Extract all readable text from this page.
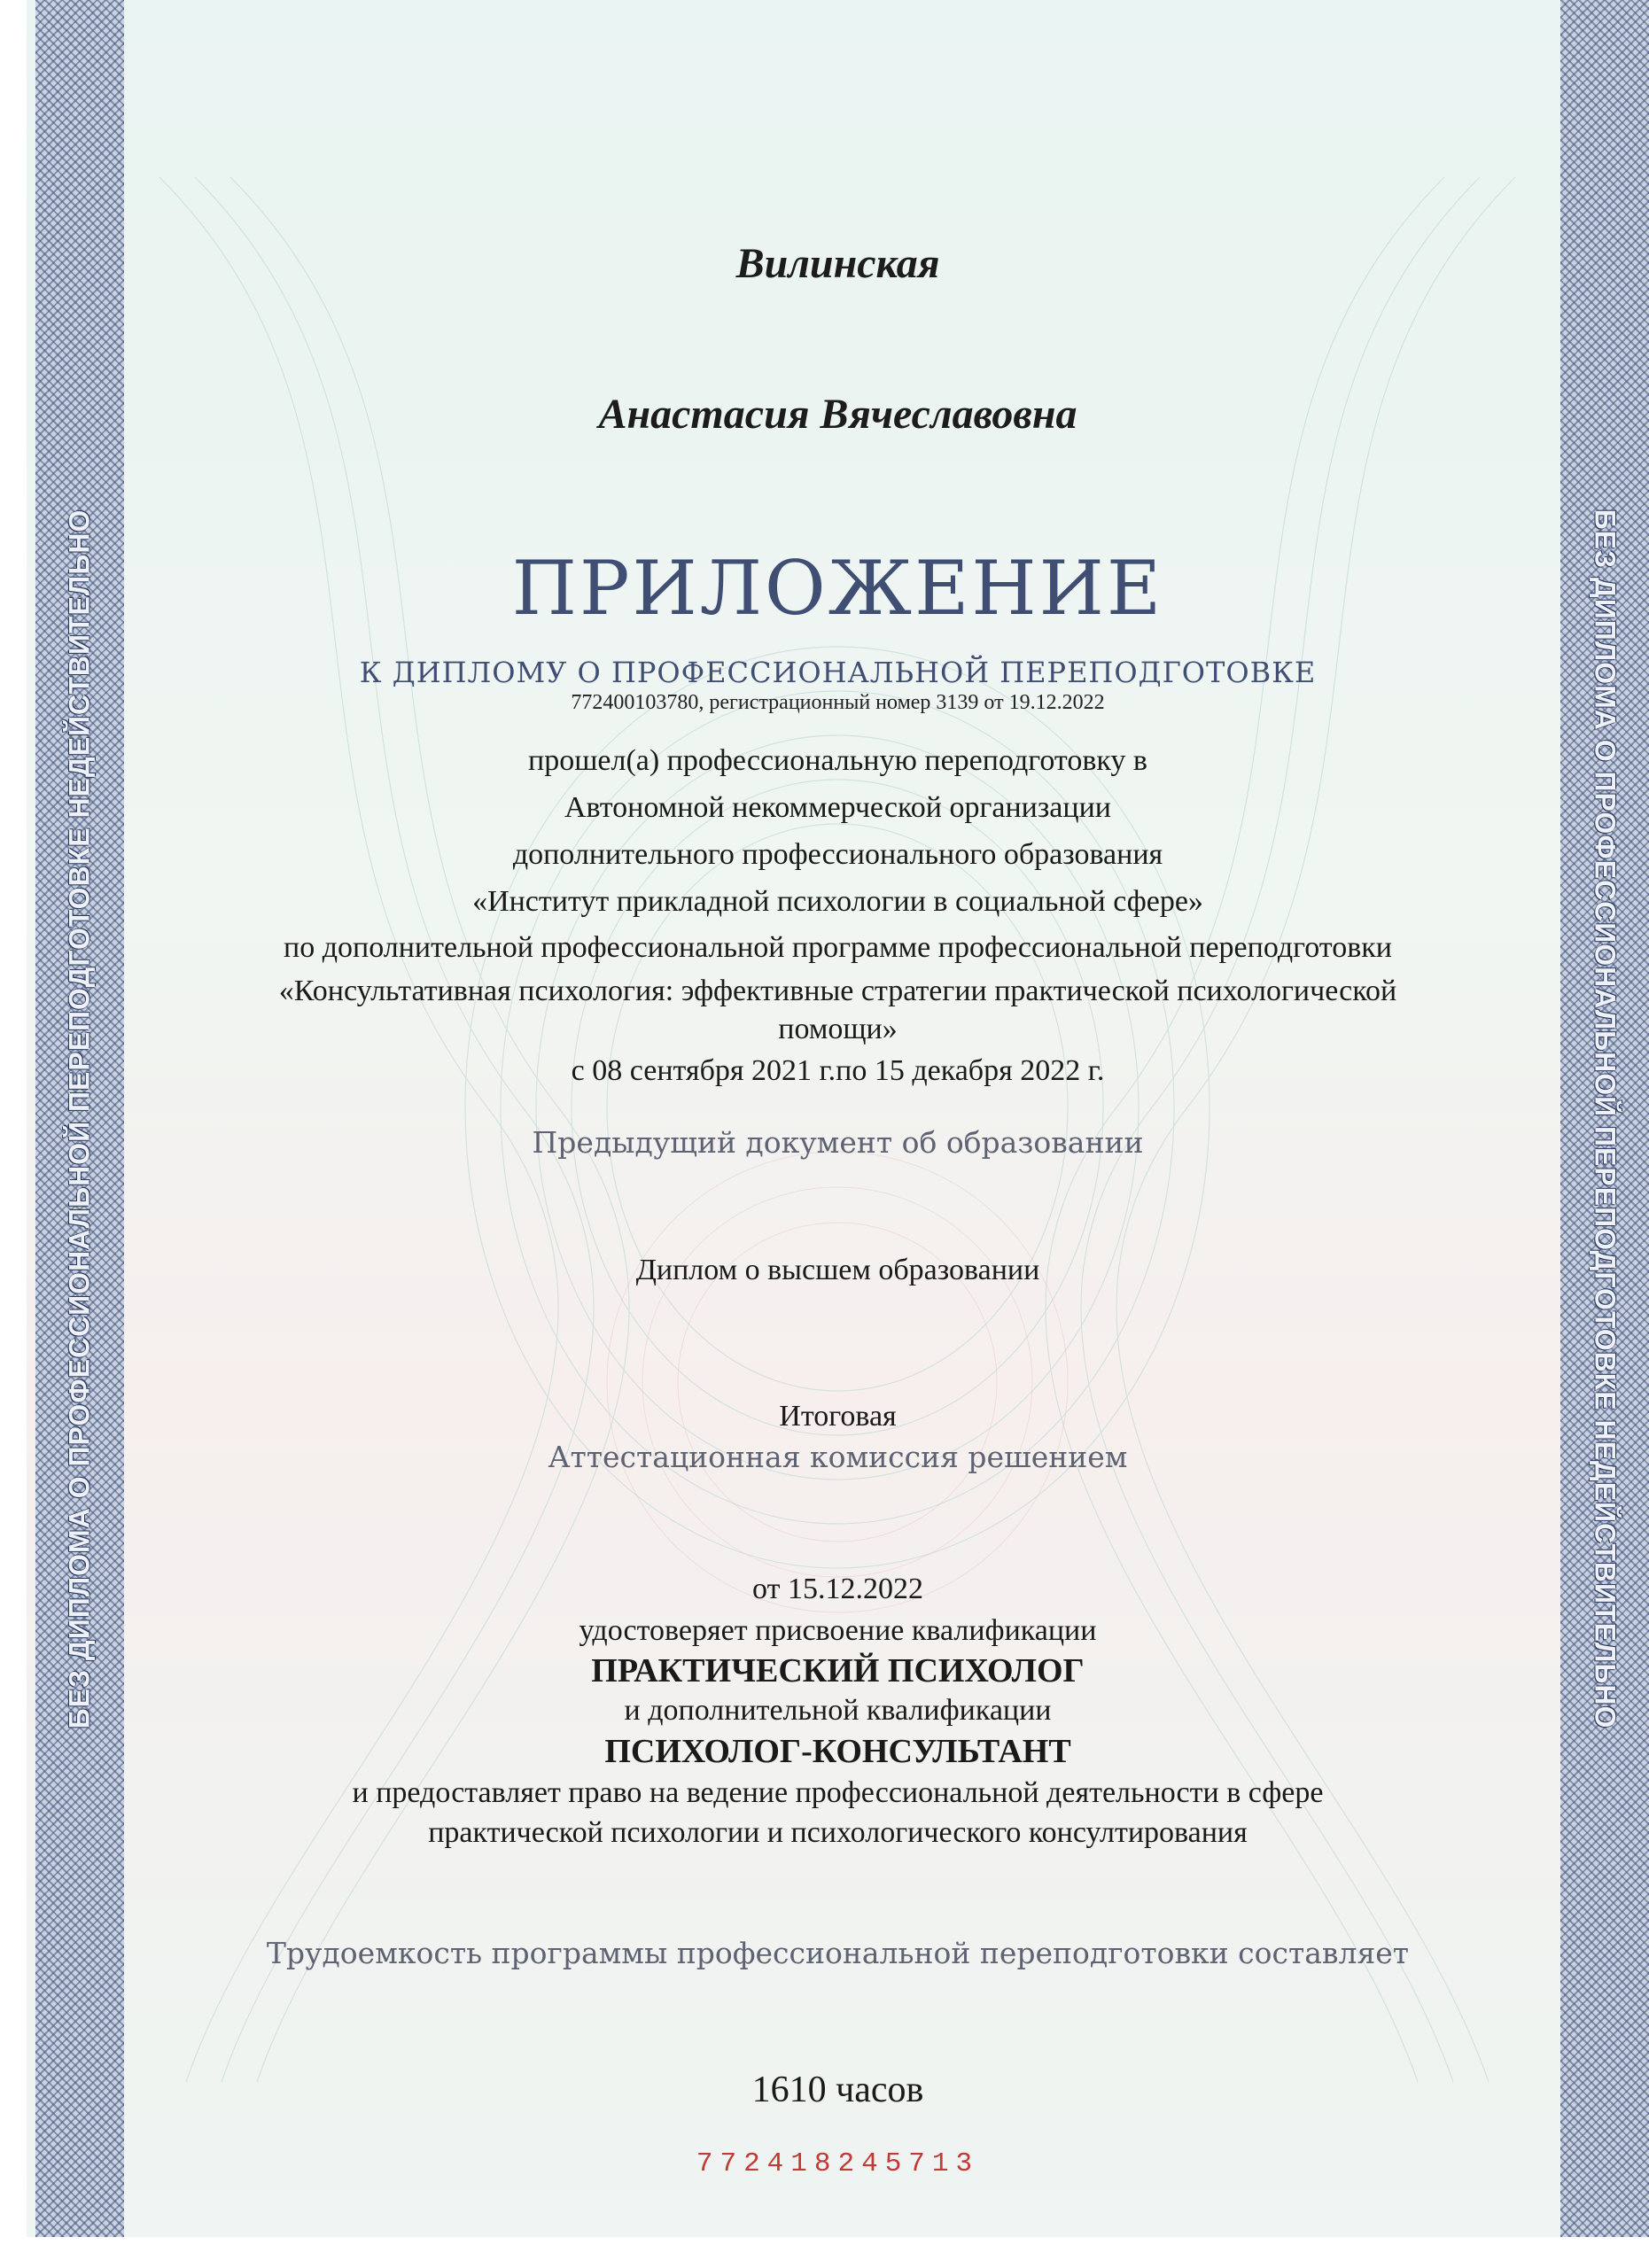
БЕЗ ДИПЛОМА О ПРОФЕССИОНАЛЬНОЙ ПЕРЕПОДГОТОВКЕ НЕДЕЙСТВИТЕЛЬНО	БЕЗ ДИПЛОМА О ПРОФЕССИОНАЛЬНОЙ ПЕРЕПОДГОТОВКЕ НЕДЕЙСТВИТЕЛЬНО
Вилинская
Анастасия Вячеславовна
ПРИЛОЖЕНИЕ
К ДИПЛОМУ О ПРОФЕССИОНАЛЬНОЙ ПЕРЕПОДГОТОВКЕ
772400103780, регистрационный номер 3139 от 19.12.2022
прошел(а) профессиональную переподготовку в
Автономной некоммерческой организации
дополнительного профессионального образования
«Институт прикладной психологии в социальной сфере»
по дополнительной профессиональной программе профессиональной переподготовки
«Консультативная психология: эффективные стратегии практической психологической
помощи»
с 08 сентября 2021 г.по 15 декабря 2022 г.
Предыдущий документ об образовании
Диплом о высшем образовании
Итоговая
Аттестационная комиссия решением
от 15.12.2022
удостоверяет присвоение квалификации
ПРАКТИЧЕСКИЙ ПСИХОЛОГ
и дополнительной квалификации
ПСИХОЛОГ-КОНСУЛЬТАНТ
и предоставляет право на ведение профессиональной деятельности в сфере
практической психологии и психологического консултирования
Трудоемкость программы профессиональной переподготовки составляет
1610 часов
772418245713
